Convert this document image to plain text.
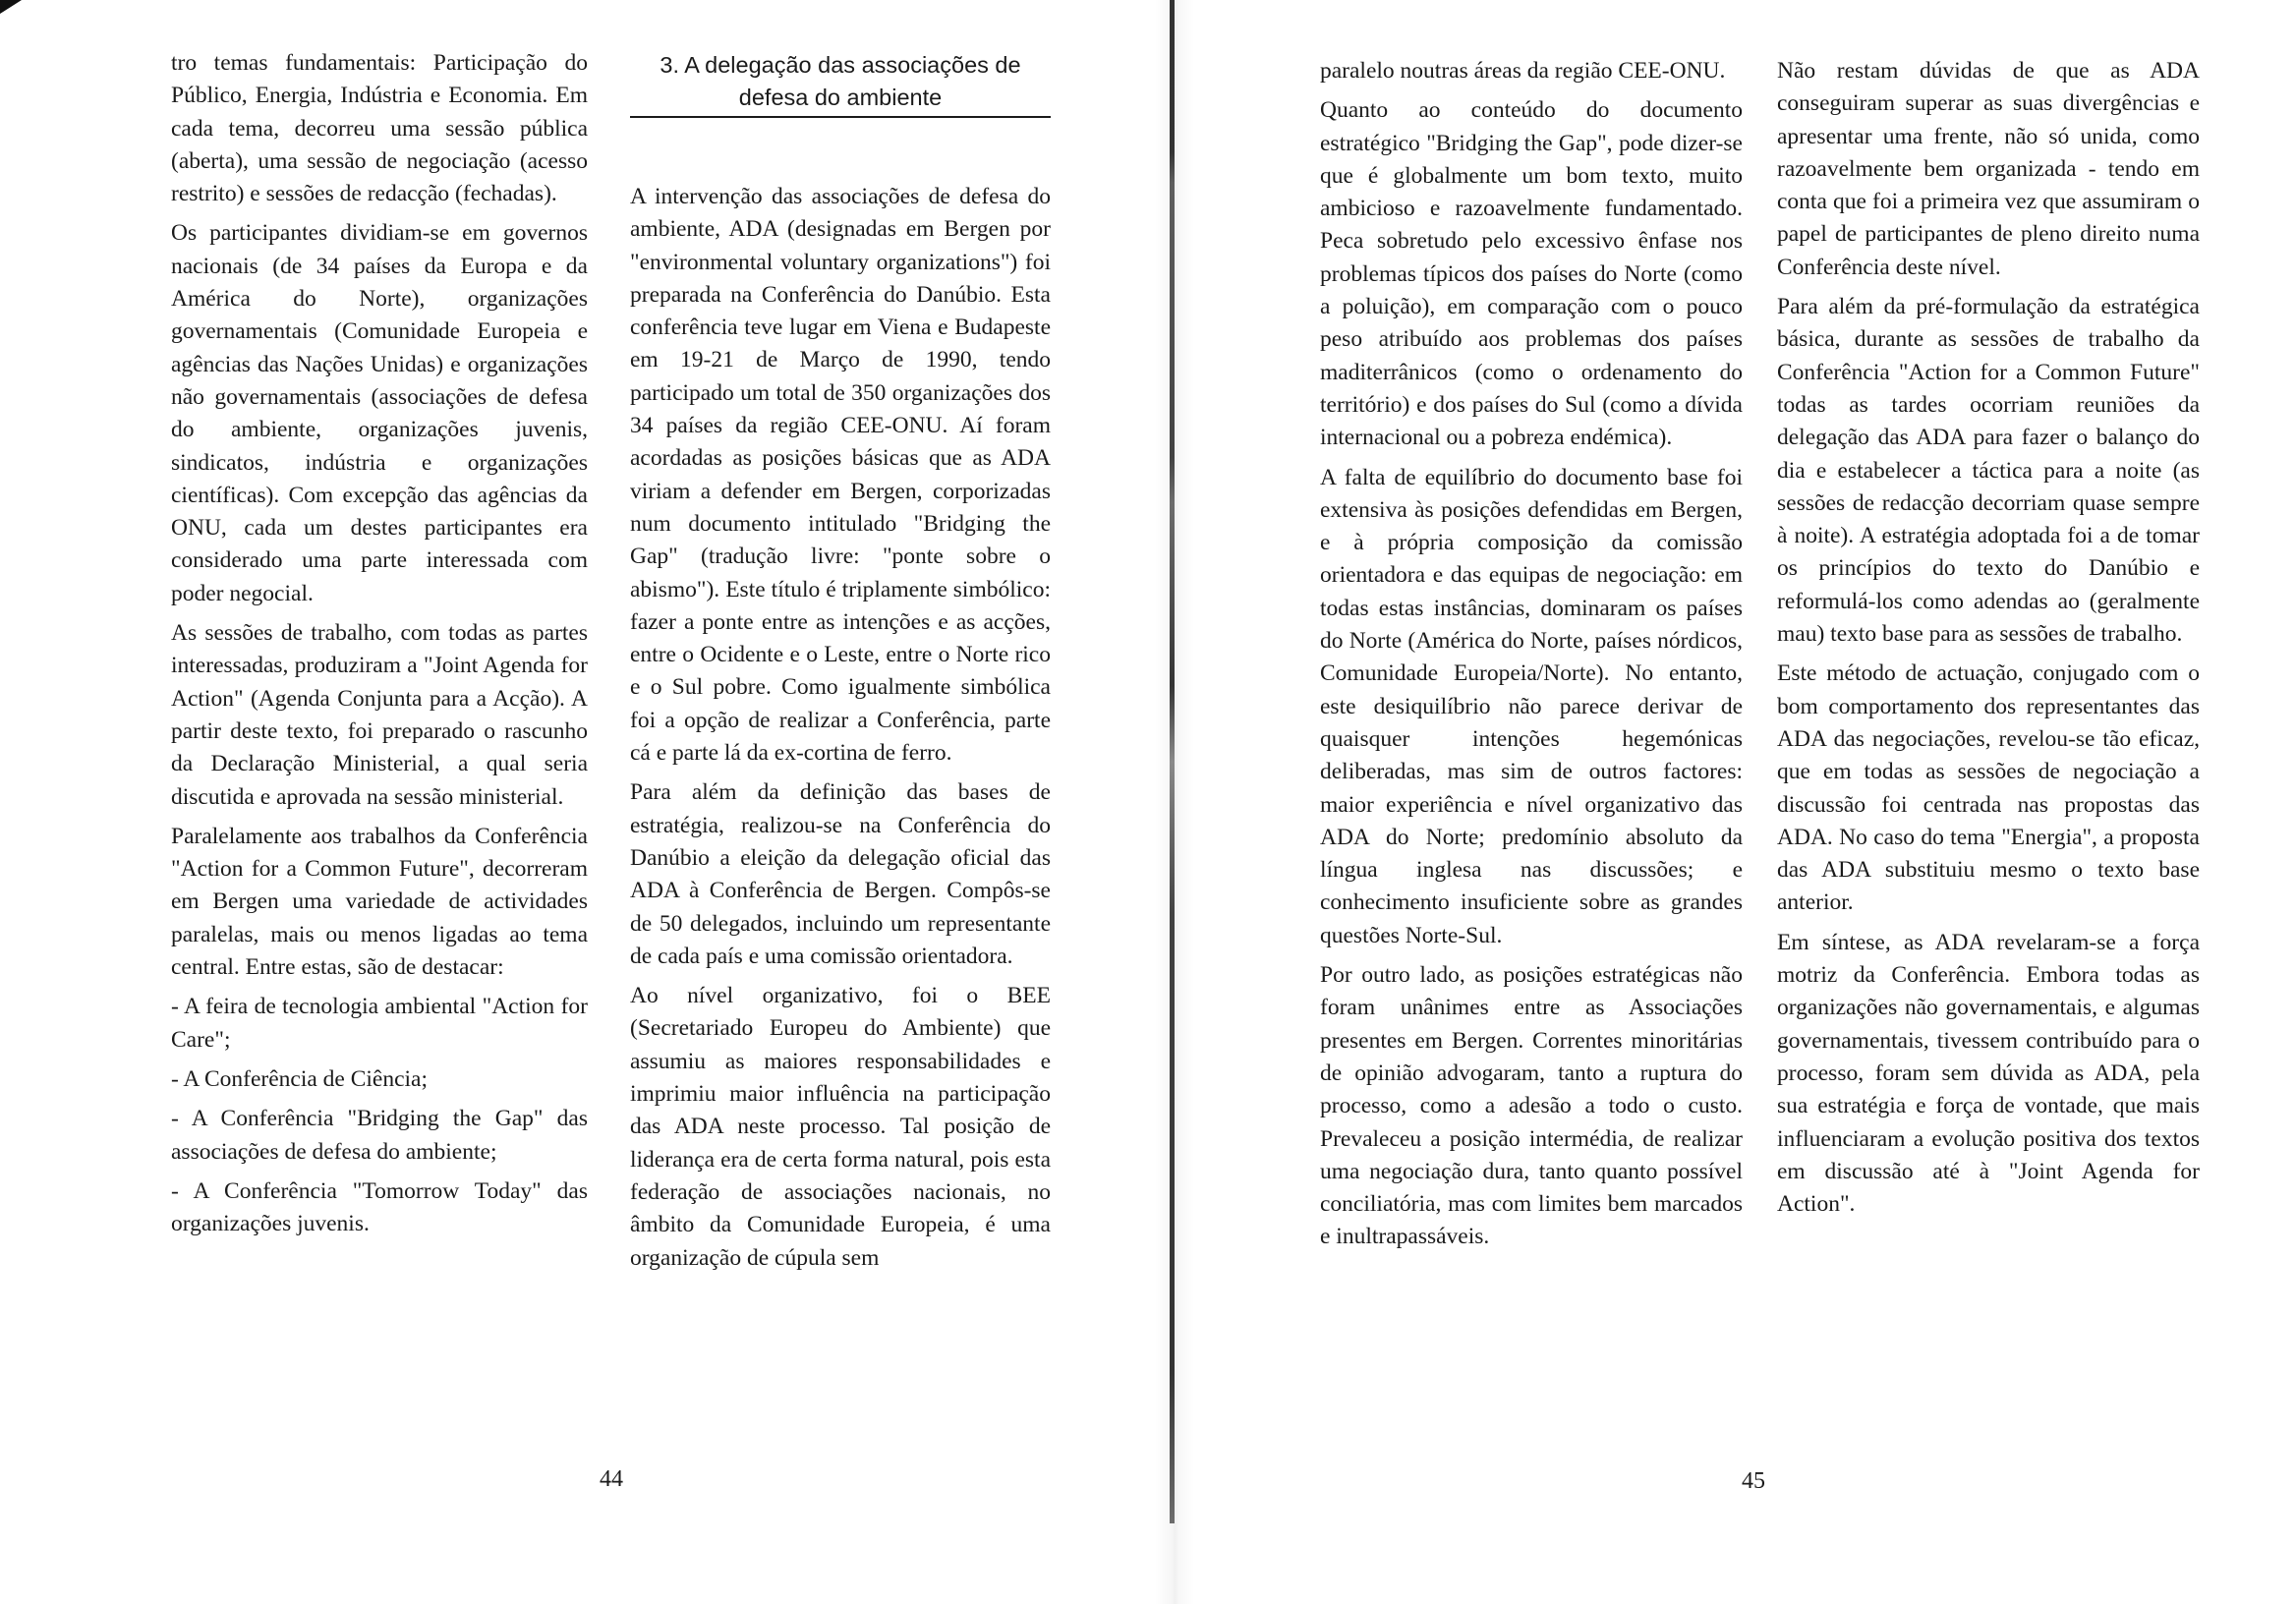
tro temas fundamentais: Participação do Público, Energia, Indústria e Economia. Em cada tema, decorreu uma sessão pública (aberta), uma sessão de negociação (acesso restrito) e sessões de redacção (fechadas).

Os participantes dividiam-se em governos nacionais (de 34 países da Europa e da América do Norte), organizações governamentais (Comunidade Europeia e agências das Nações Unidas) e organizações não governamentais (associações de defesa do ambiente, organizações juvenis, sindicatos, indústria e organizações científicas). Com excepção das agências da ONU, cada um destes participantes era considerado uma parte interessada com poder negocial.

As sessões de trabalho, com todas as partes interessadas, produziram a "Joint Agenda for Action" (Agenda Conjunta para a Acção). A partir deste texto, foi preparado o rascunho da Declaração Ministerial, a qual seria discutida e aprovada na sessão ministerial.

Paralelamente aos trabalhos da Conferência "Action for a Common Future", decorreram em Bergen uma variedade de actividades paralelas, mais ou menos ligadas ao tema central. Entre estas, são de destacar:

- A feira de tecnologia ambiental "Action for Care";

- A Conferência de Ciência;

- A Conferência "Bridging the Gap" das associações de defesa do ambiente;

- A Conferência "Tomorrow Today" das organizações juvenis.

3. A delegação das associações de
defesa do ambiente

A intervenção das associações de defesa do ambiente, ADA (designadas em Bergen por "environmental voluntary organizations") foi preparada na Conferência do Danúbio. Esta conferência teve lugar em Viena e Budapeste em 19-21 de Março de 1990, tendo participado um total de 350 organizações dos 34 países da região CEE-ONU. Aí foram acordadas as posições básicas que as ADA viriam a defender em Bergen, corporizadas num documento intitulado "Bridging the Gap" (tradução livre: "ponte sobre o abismo"). Este título é triplamente simbólico: fazer a ponte entre as intenções e as acções, entre o Ocidente e o Leste, entre o Norte rico e o Sul pobre. Como igualmente simbólica foi a opção de realizar a Conferência, parte cá e parte lá da ex-cortina de ferro.

Para além da definição das bases de estratégia, realizou-se na Conferência do Danúbio a eleição da delegação oficial das ADA à Conferência de Bergen. Compôs-se de 50 delegados, incluindo um representante de cada país e uma comissão orientadora.

Ao nível organizativo, foi o BEE (Secretariado Europeu do Ambiente) que assumiu as maiores responsabilidades e imprimiu maior influência na participação das ADA neste processo. Tal posição de liderança era de certa forma natural, pois esta federação de associações nacionais, no âmbito da Comunidade Europeia, é uma organização de cúpula sem

44

paralelo noutras áreas da região CEE-ONU.

Quanto ao conteúdo do documento estratégico "Bridging the Gap", pode dizer-se que é globalmente um bom texto, muito ambicioso e razoavelmente fundamentado. Peca sobretudo pelo excessivo ênfase nos problemas típicos dos países do Norte (como a poluição), em comparação com o pouco peso atribuído aos problemas dos países maditerrânicos (como o ordenamento do território) e dos países do Sul (como a dívida internacional ou a pobreza endémica).

A falta de equilíbrio do documento base foi extensiva às posições defendidas em Bergen, e à própria composição da comissão orientadora e das equipas de negociação: em todas estas instâncias, dominaram os países do Norte (América do Norte, países nórdicos, Comunidade Europeia/Norte). No entanto, este desiquilíbrio não parece derivar de quaisquer intenções hegemónicas deliberadas, mas sim de outros factores: maior experiência e nível organizativo das ADA do Norte; predomínio absoluto da língua inglesa nas discussões; e conhecimento insuficiente sobre as grandes questões Norte-Sul.

Por outro lado, as posições estratégicas não foram unânimes entre as Associações presentes em Bergen. Correntes minoritárias de opinião advogaram, tanto a ruptura do processo, como a adesão a todo o custo. Prevaleceu a posição intermédia, de realizar uma negociação dura, tanto quanto possível conciliatória, mas com limites bem marcados e inultrapassáveis.

Não restam dúvidas de que as ADA conseguiram superar as suas divergências e apresentar uma frente, não só unida, como razoavelmente bem organizada - tendo em conta que foi a primeira vez que assumiram o papel de participantes de pleno direito numa Conferência deste nível.

Para além da pré-formulação da estratégica básica, durante as sessões de trabalho da Conferência "Action for a Common Future" todas as tardes ocorriam reuniões da delegação das ADA para fazer o balanço do dia e estabelecer a táctica para a noite (as sessões de redacção decorriam quase sempre à noite). A estratégia adoptada foi a de tomar os princípios do texto do Danúbio e reformulá-los como adendas ao (geralmente mau) texto base para as sessões de trabalho.

Este método de actuação, conjugado com o bom comportamento dos representantes das ADA das negociações, revelou-se tão eficaz, que em todas as sessões de negociação a discussão foi centrada nas propostas das ADA. No caso do tema "Energia", a proposta das ADA substituiu mesmo o texto base anterior.

Em síntese, as ADA revelaram-se a força motriz da Conferência. Embora todas as organizações não governamentais, e algumas governamentais, tivessem contribuído para o processo, foram sem dúvida as ADA, pela sua estratégia e força de vontade, que mais influenciaram a evolução positiva dos textos em discussão até à "Joint Agenda for Action".

45
